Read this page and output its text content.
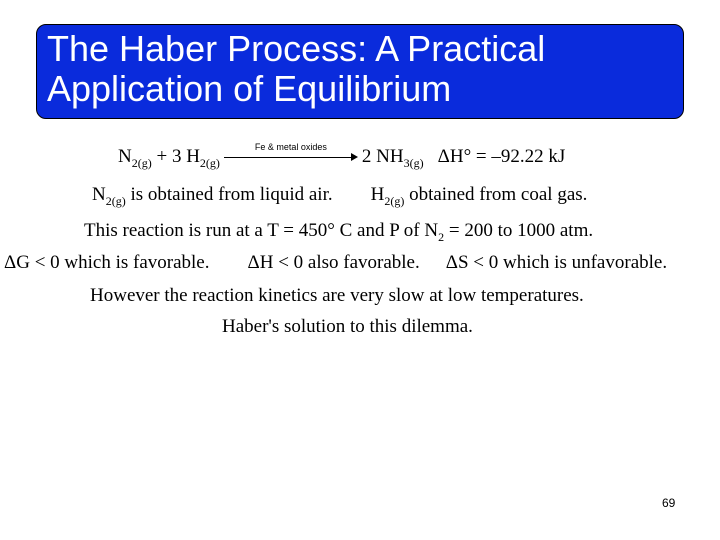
The Haber Process: A Practical
Application of Equilibrium
$N_{2(g)} + 3$ $H_{2(g)}$
Fe & metal oxides	2 $NH_{3(g)}$ ΔH° = –92.22 kJ
$N_{2(g)}$ is obtained from liquid air. $H_{2(g)}$ obtained from coal gas.
This reaction is run at a T = 450° C and P of $N_2 = 200$ to 1000 atm.
ΔG < 0 which is favorable. ΔH < 0 also favorable. ΔS < 0 which is unfavorable.
However the reaction kinetics are very slow at low temperatures.
Haber's solution to this dilemma.
69
